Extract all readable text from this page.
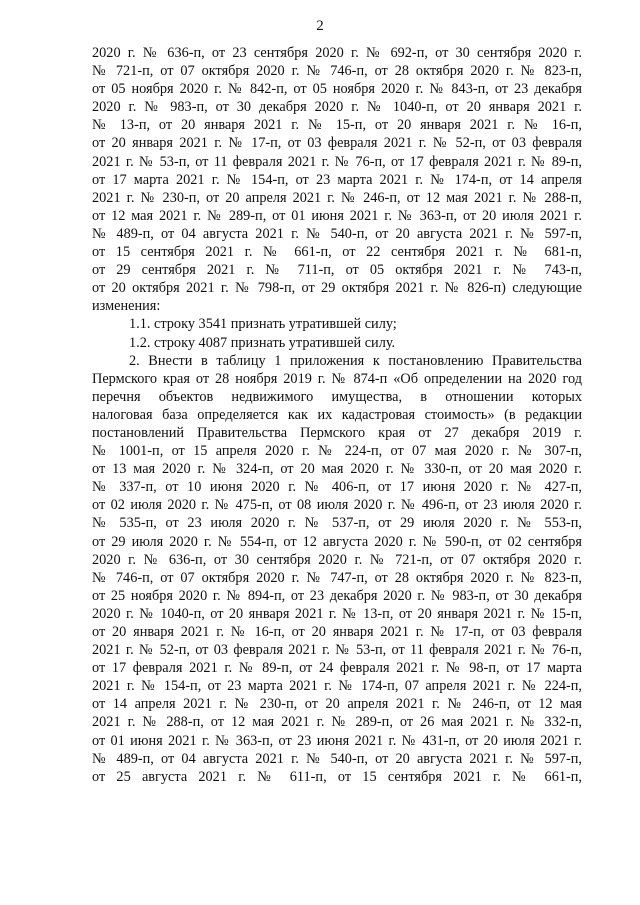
2
2020 г. № 636-п, от 23 сентября 2020 г. № 692-п, от 30 сентября 2020 г.
№ 721-п, от 07 октября 2020 г. № 746-п, от 28 октября 2020 г. № 823-п,
от 05 ноября 2020 г. № 842-п, от 05 ноября 2020 г. № 843-п, от 23 декабря
2020 г. № 983-п, от 30 декабря 2020 г. № 1040-п, от 20 января 2021 г.
№ 13-п, от 20 января 2021 г. № 15-п, от 20 января 2021 г. № 16-п,
от 20 января 2021 г. № 17-п, от 03 февраля 2021 г. № 52-п, от 03 февраля
2021 г. № 53-п, от 11 февраля 2021 г. № 76-п, от 17 февраля 2021 г. № 89-п,
от 17 марта 2021 г. № 154-п, от 23 марта 2021 г. № 174-п, от 14 апреля
2021 г. № 230-п, от 20 апреля 2021 г. № 246-п, от 12 мая 2021 г. № 288-п,
от 12 мая 2021 г. № 289-п, от 01 июня 2021 г. № 363-п, от 20 июля 2021 г.
№ 489-п, от 04 августа 2021 г. № 540-п, от 20 августа 2021 г. № 597-п,
от 15 сентября 2021 г. № 661-п, от 22 сентября 2021 г. № 681-п,
от 29 сентября 2021 г. № 711-п, от 05 октября 2021 г. № 743-п,
от 20 октября 2021 г. № 798-п, от 29 октября 2021 г. № 826-п) следующие
изменения:
1.1. строку 3541 признать утратившей силу;
1.2. строку 4087 признать утратившей силу.
2. Внести в таблицу 1 приложения к постановлению Правительства
Пермского края от 28 ноября 2019 г. № 874-п «Об определении на 2020 год
перечня объектов недвижимого имущества, в отношении которых
налоговая база определяется как их кадастровая стоимость» (в редакции
постановлений Правительства Пермского края от 27 декабря 2019 г.
№ 1001-п, от 15 апреля 2020 г. № 224-п, от 07 мая 2020 г. № 307-п,
от 13 мая 2020 г. № 324-п, от 20 мая 2020 г. № 330-п, от 20 мая 2020 г.
№ 337-п, от 10 июня 2020 г. № 406-п, от 17 июня 2020 г. № 427-п,
от 02 июля 2020 г. № 475-п, от 08 июля 2020 г. № 496-п, от 23 июля 2020 г.
№ 535-п, от 23 июля 2020 г. № 537-п, от 29 июля 2020 г. № 553-п,
от 29 июля 2020 г. № 554-п, от 12 августа 2020 г. № 590-п, от 02 сентября
2020 г. № 636-п, от 30 сентября 2020 г. № 721-п, от 07 октября 2020 г.
№ 746-п, от 07 октября 2020 г. № 747-п, от 28 октября 2020 г. № 823-п,
от 25 ноября 2020 г. № 894-п, от 23 декабря 2020 г. № 983-п, от 30 декабря
2020 г. № 1040-п, от 20 января 2021 г. № 13-п, от 20 января 2021 г. № 15-п,
от 20 января 2021 г. № 16-п, от 20 января 2021 г. № 17-п, от 03 февраля
2021 г. № 52-п, от 03 февраля 2021 г. № 53-п, от 11 февраля 2021 г. № 76-п,
от 17 февраля 2021 г. № 89-п, от 24 февраля 2021 г. № 98-п, от 17 марта
2021 г. № 154-п, от 23 марта 2021 г. № 174-п, 07 апреля 2021 г. № 224-п,
от 14 апреля 2021 г. № 230-п, от 20 апреля 2021 г. № 246-п, от 12 мая
2021 г. № 288-п, от 12 мая 2021 г. № 289-п, от 26 мая 2021 г. № 332-п,
от 01 июня 2021 г. № 363-п, от 23 июня 2021 г. № 431-п, от 20 июля 2021 г.
№ 489-п, от 04 августа 2021 г. № 540-п, от 20 августа 2021 г. № 597-п,
от 25 августа 2021 г. № 611-п, от 15 сентября 2021 г. № 661-п,
